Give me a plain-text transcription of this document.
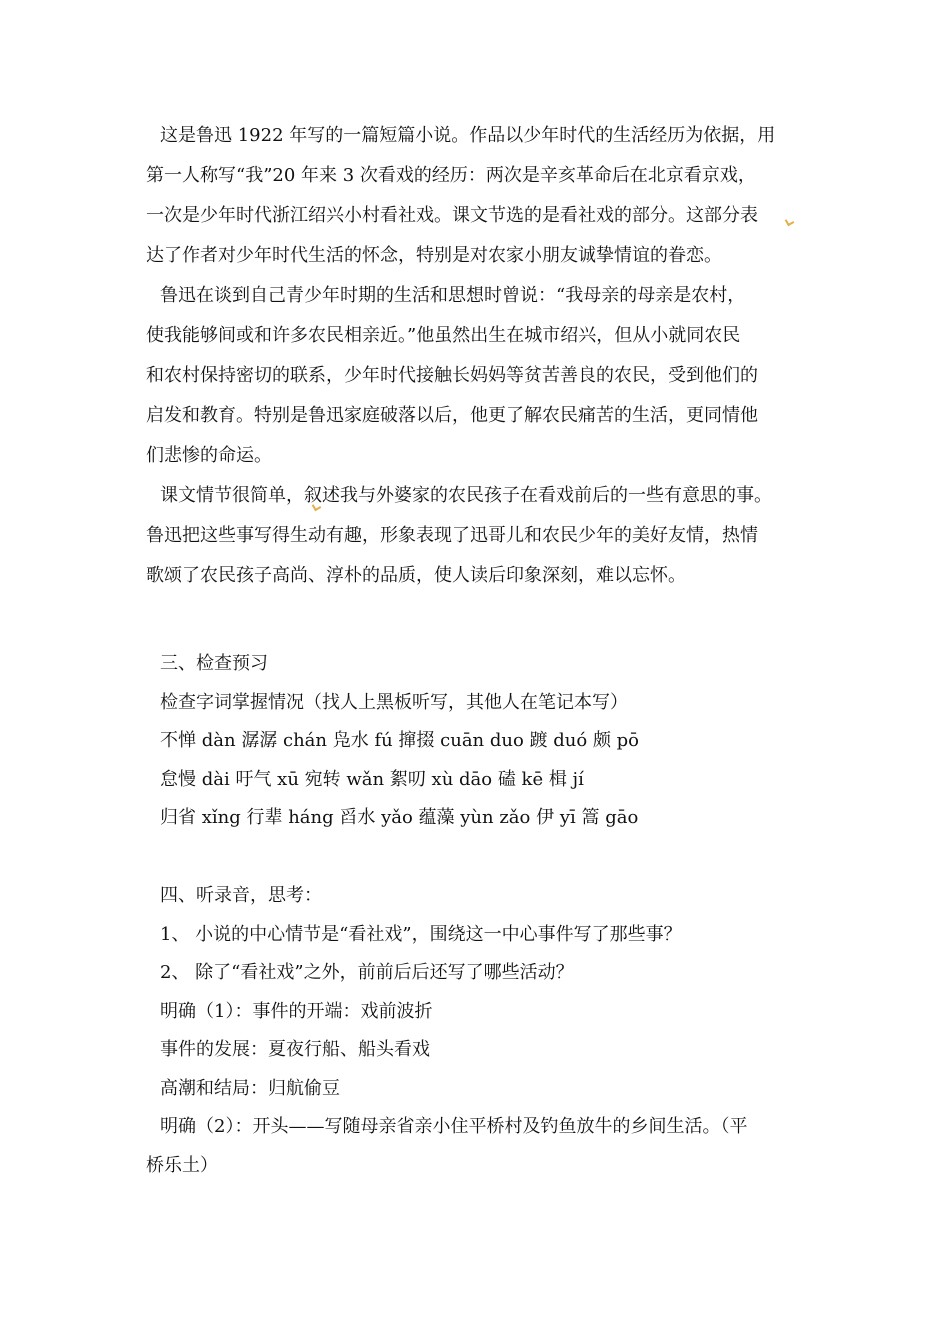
这是鲁迅 1922 年写的一篇短篇小说。作品以少年时代的生活经历为依据，用

第一人称写“我”20 年来 3 次看戏的经历：两次是辛亥革命后在北京看京戏，

一次是少年时代浙江绍兴小村看社戏。课文节选的是看社戏的部分。这部分表

达了作者对少年时代生活的怀念，特别是对农家小朋友诚挚情谊的眷恋。

鲁迅在谈到自己青少年时期的生活和思想时曾说：“我母亲的母亲是农村，

使我能够间或和许多农民相亲近。”他虽然出生在城市绍兴，但从小就同农民

和农村保持密切的联系，少年时代接触长妈妈等贫苦善良的农民，受到他们的

启发和教育。特别是鲁迅家庭破落以后，他更了解农民痛苦的生活，更同情他

们悲惨的命运。

课文情节很简单，叙述我与外婆家的农民孩子在看戏前后的一些有意思的事。

鲁迅把这些事写得生动有趣，形象表现了迅哥儿和农民少年的美好友情，热情

歌颂了农民孩子高尚、淳朴的品质，使人读后印象深刻，难以忘怀。

三、检查预习
检查字词掌握情况（找人上黑板听写，其他人在笔记本写）
不惮 dàn 潺潺 chán 凫水 fú 撺掇 cuān duo 踱 duó 颇 pō
怠慢 dài 吁气 xū 宛转 wǎn 絮叨 xù dāo 磕 kē 楫 jí
归省 xǐng 行辈 háng 舀水 yǎo 蕴藻 yùn zǎo 伊 yī 篙 gāo
四、听录音，思考：
1、 小说的中心情节是“看社戏”，围绕这一中心事件写了那些事？
2、 除了“看社戏”之外，前前后后还写了哪些活动？
明确（1）：事件的开端：戏前波折
事件的发展：夏夜行船、船头看戏
高潮和结局：归航偷豆
明确（2）：开头——写随母亲省亲小住平桥村及钓鱼放牛的乡间生活。（平
桥乐土）
